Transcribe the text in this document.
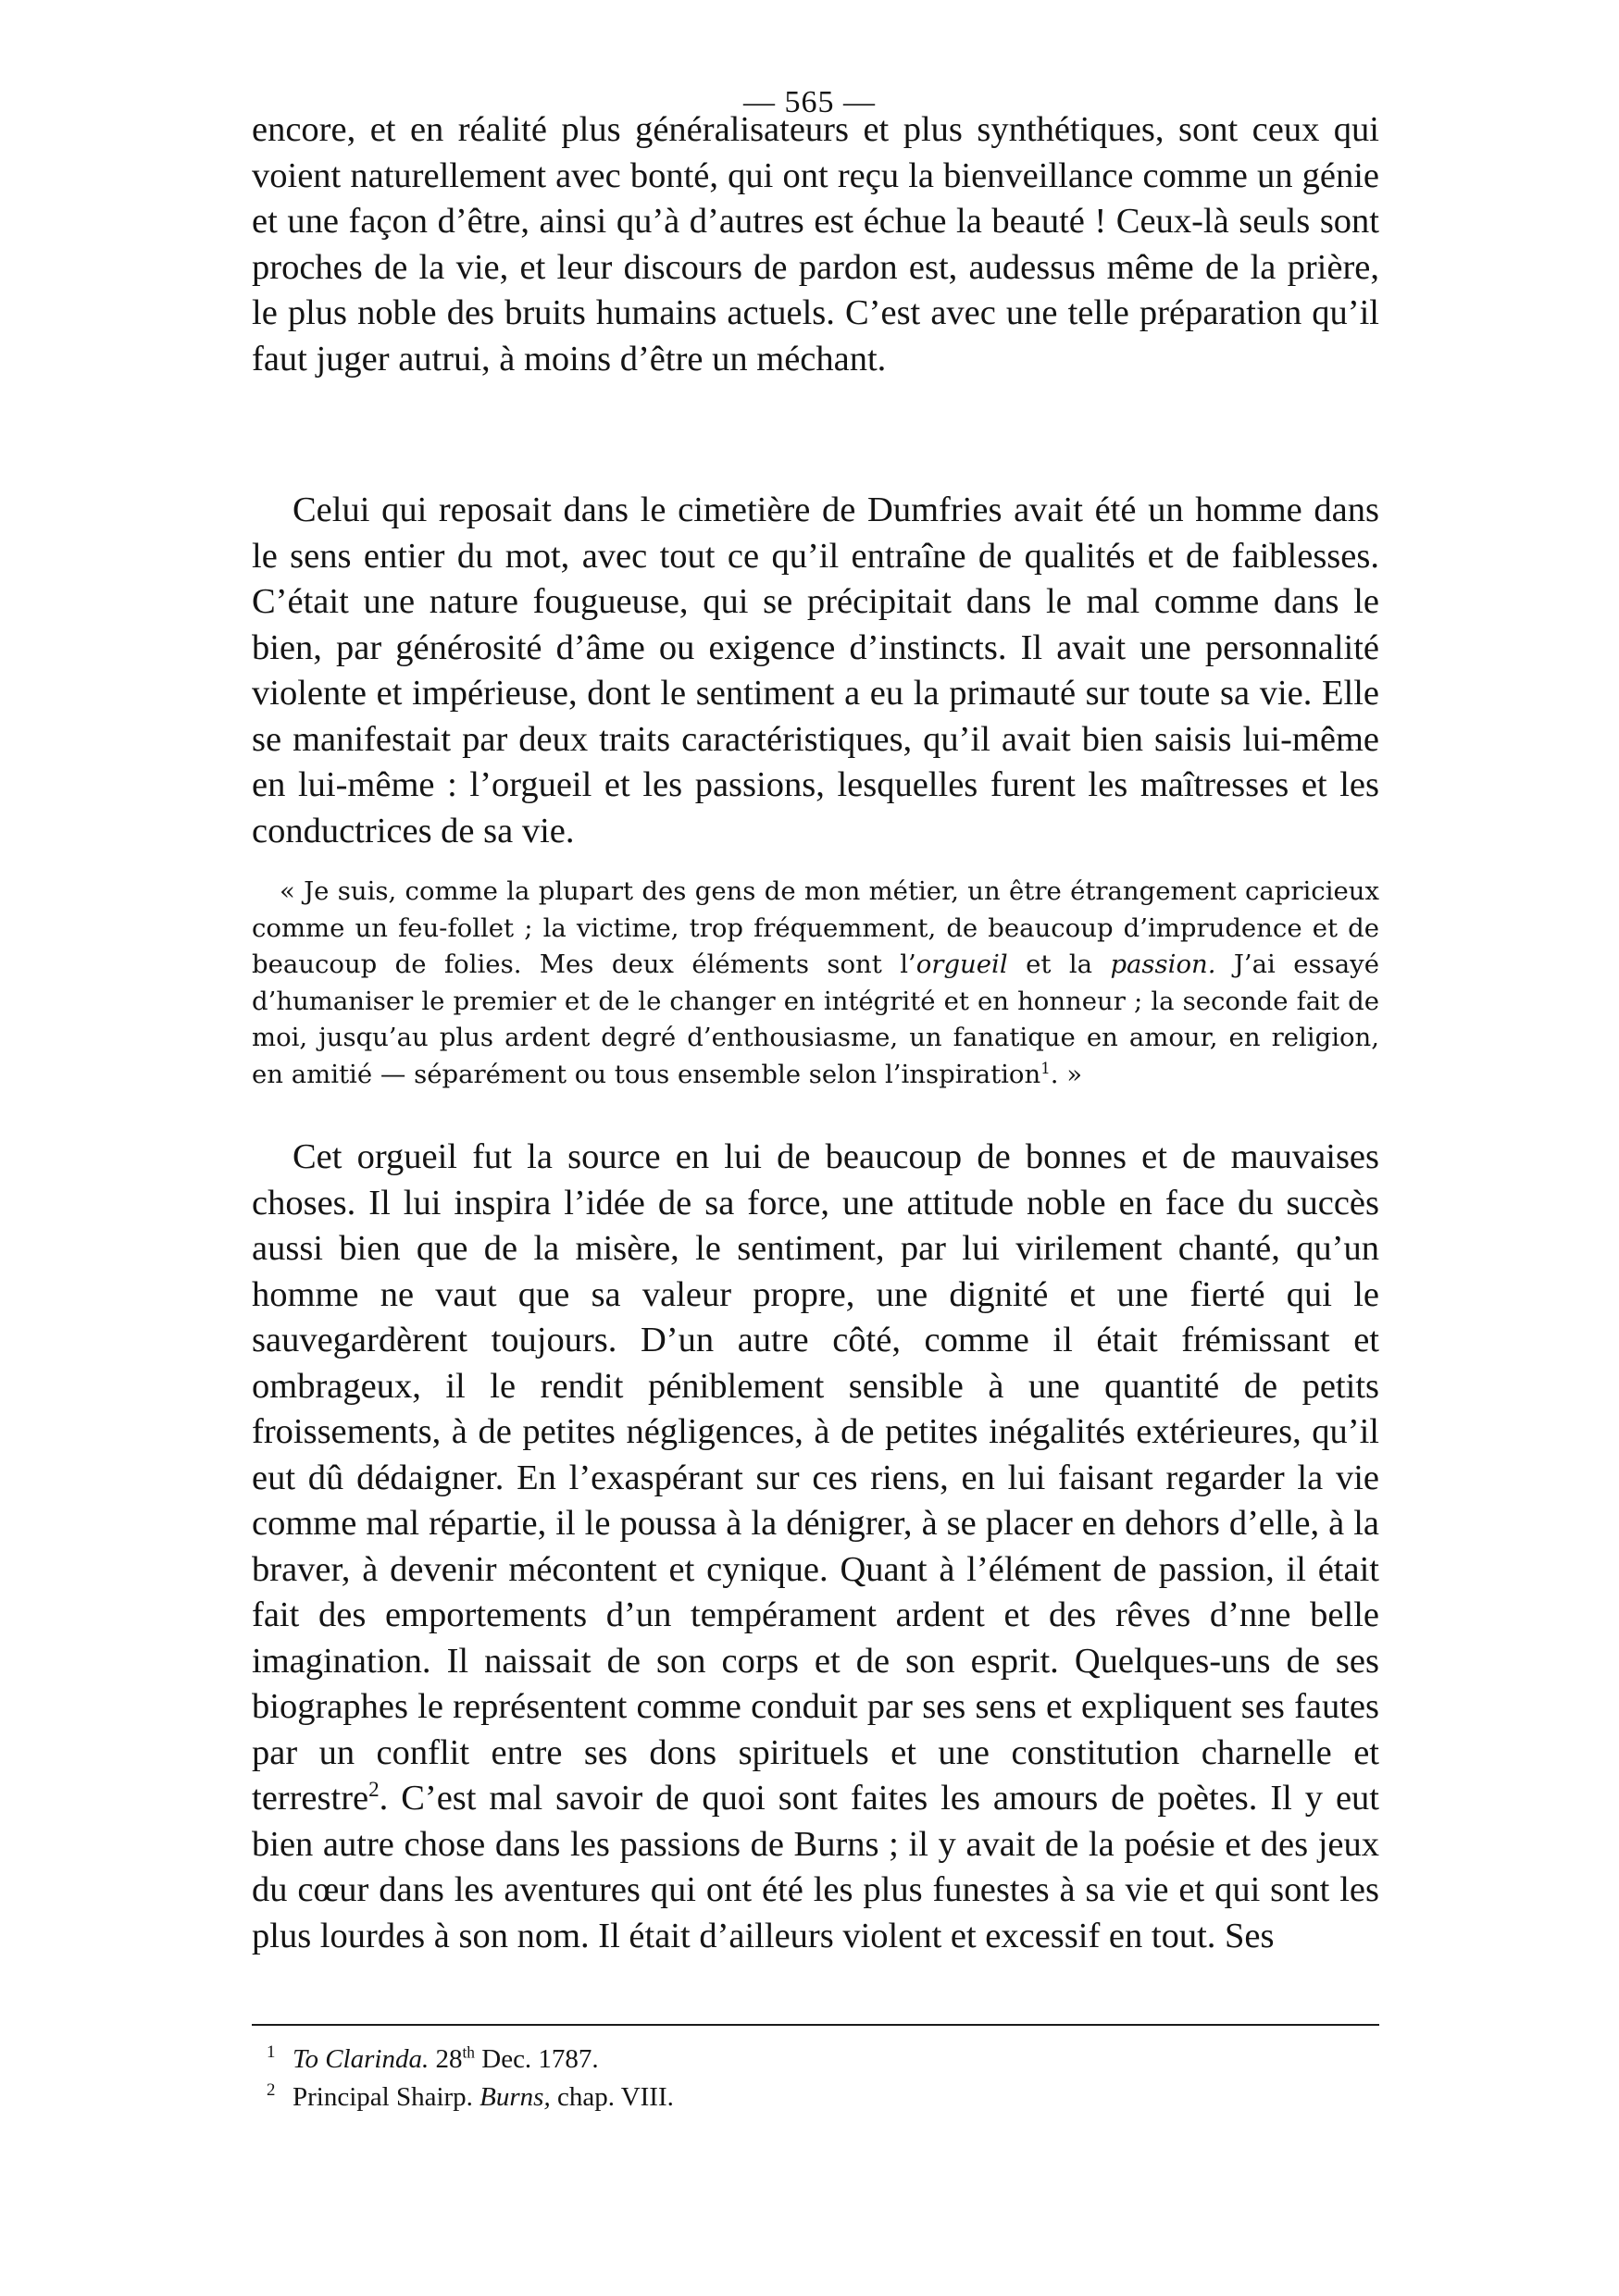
— 565 —

encore, et en réalité plus généralisateurs et plus synthétiques, sont ceux qui voient naturellement avec bonté, qui ont reçu la bienveillance comme un génie et une façon d’être, ainsi qu’à d’autres est échue la beauté ! Ceux-là seuls sont proches de la vie, et leur discours de pardon est, audessus même de la prière, le plus noble des bruits humains actuels. C’est avec une telle préparation qu’il faut juger autrui, à moins d’être un méchant.

Celui qui reposait dans le cimetière de Dumfries avait été un homme dans le sens entier du mot, avec tout ce qu’il entraîne de qualités et de faiblesses. C’était une nature fougueuse, qui se précipitait dans le mal comme dans le bien, par générosité d’âme ou exigence d’instincts. Il avait une personnalité violente et impérieuse, dont le sentiment a eu la primauté sur toute sa vie. Elle se manifestait par deux traits caractéristiques, qu’il avait bien saisis lui-même en lui-même : l’orgueil et les passions, lesquelles furent les maîtresses et les conductrices de sa vie.

« Je suis, comme la plupart des gens de mon métier, un être étrangement capricieux comme un feu-follet ; la victime, trop fréquemment, de beaucoup d’imprudence et de beaucoup de folies. Mes deux éléments sont l’orgueil et la passion. J’ai essayé d’humaniser le premier et de le changer en intégrité et en honneur ; la seconde fait de moi, jusqu’au plus ardent degré d’enthousiasme, un fanatique en amour, en religion, en amitié — séparément ou tous ensemble selon l’inspiration$^1$. »

Cet orgueil fut la source en lui de beaucoup de bonnes et de mauvaises choses. Il lui inspira l’idée de sa force, une attitude noble en face du succès aussi bien que de la misère, le sentiment, par lui virilement chanté, qu’un homme ne vaut que sa valeur propre, une dignité et une fierté qui le sauvegardèrent toujours. D’un autre côté, comme il était frémissant et ombrageux, il le rendit péniblement sensible à une quantité de petits froissements, à de petites négligences, à de petites inégalités extérieures, qu’il eut dû dédaigner. En l’exaspérant sur ces riens, en lui faisant regarder la vie comme mal répartie, il le poussa à la dénigrer, à se placer en dehors d’elle, à la braver, à devenir mécontent et cynique. Quant à l’élément de passion, il était fait des emportements d’un tempérament ardent et des rêves d’nne belle imagination. Il naissait de son corps et de son esprit. Quelques-uns de ses biographes le représentent comme conduit par ses sens et expliquent ses fautes par un conflit entre ses dons spirituels et une constitution charnelle et terrestre$^2$. C’est mal savoir de quoi sont faites les amours de poètes. Il y eut bien autre chose dans les passions de Burns ; il y avait de la poésie et des jeux du cœur dans les aventures qui ont été les plus funestes à sa vie et qui sont les plus lourdes à son nom. Il était d’ailleurs violent et excessif en tout. Ses

1 To Clarinda. 28th Dec. 1787.

2 Principal Shairp. Burns, chap. VIII.
